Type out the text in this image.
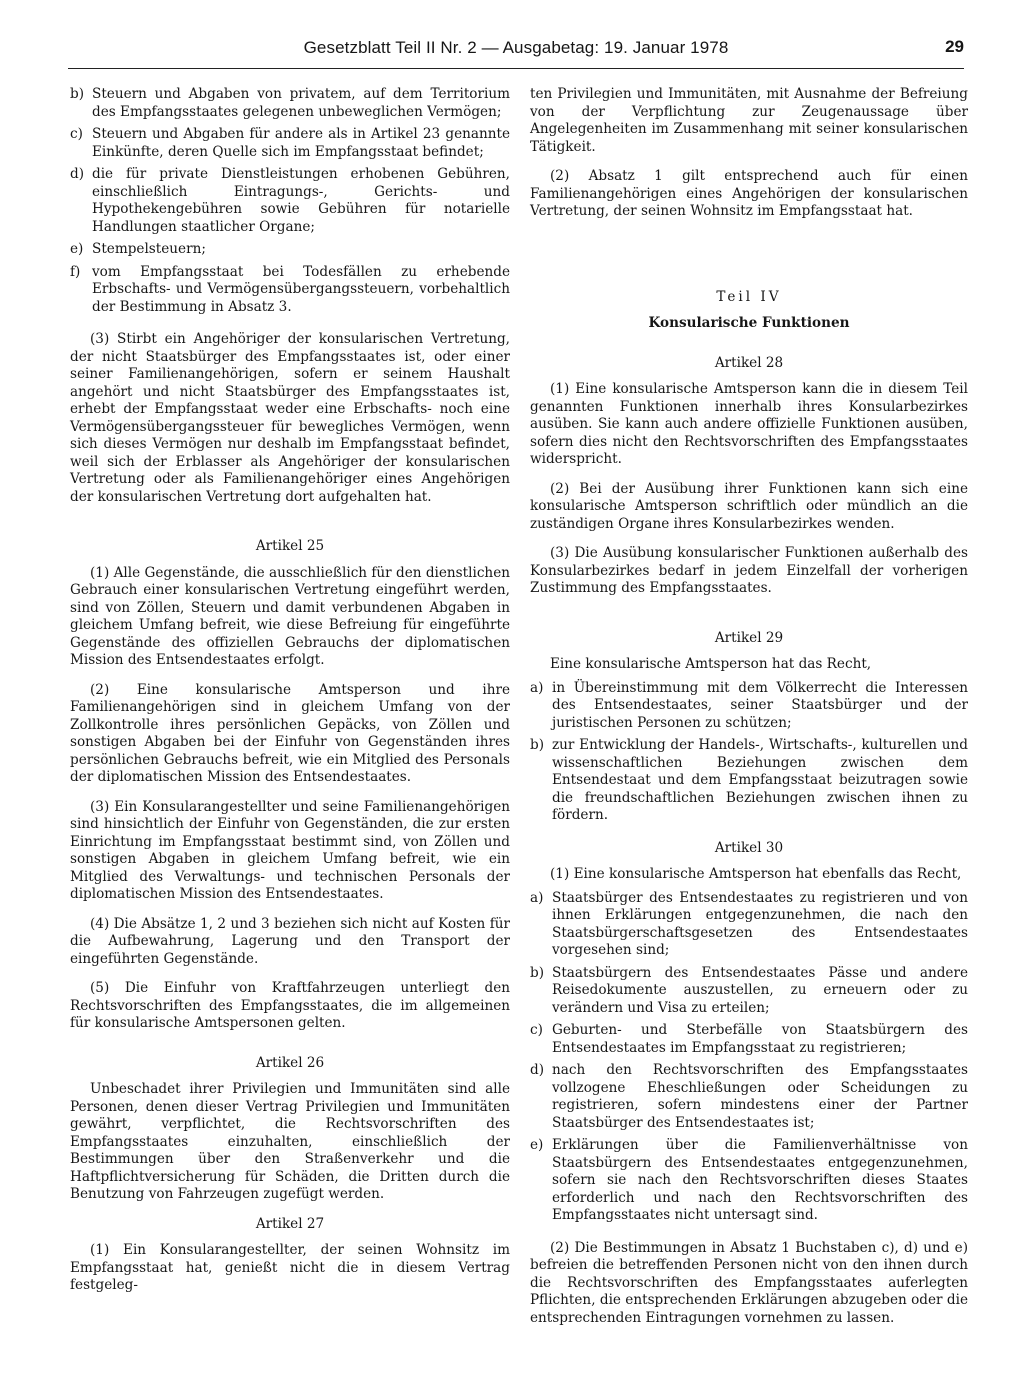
Gesetzblatt Teil II Nr. 2 — Ausgabetag: 19. Januar 1978	29
b) Steuern und Abgaben von privatem, auf dem Territorium des Empfangsstaates gelegenen unbeweglichen Vermögen;
c) Steuern und Abgaben für andere als in Artikel 23 genannte Einkünfte, deren Quelle sich im Empfangsstaat befindet;
d) die für private Dienstleistungen erhobenen Gebühren, einschließlich Eintragungs-, Gerichts- und Hypothekengebühren sowie Gebühren für notarielle Handlungen staatlicher Organe;
e) Stempelsteuern;
f) vom Empfangsstaat bei Todesfällen zu erhebende Erbschafts- und Vermögensübergangssteuern, vorbehaltlich der Bestimmung in Absatz 3.

(3) Stirbt ein Angehöriger der konsularischen Vertretung, der nicht Staatsbürger des Empfangsstaates ist, oder einer seiner Familienangehörigen, sofern er seinem Haushalt angehört und nicht Staatsbürger des Empfangsstaates ist, erhebt der Empfangsstaat weder eine Erbschafts- noch eine Vermögensübergangssteuer für bewegliches Vermögen, wenn sich dieses Vermögen nur deshalb im Empfangsstaat befindet, weil sich der Erblasser als Angehöriger der konsularischen Vertretung oder als Familienangehöriger eines Angehörigen der konsularischen Vertretung dort aufgehalten hat.

Artikel 25

(1) Alle Gegenstände, die ausschließlich für den dienstlichen Gebrauch einer konsularischen Vertretung eingeführt werden, sind von Zöllen, Steuern und damit verbundenen Abgaben in gleichem Umfang befreit, wie diese Befreiung für eingeführte Gegenstände des offiziellen Gebrauchs der diplomatischen Mission des Entsendestaates erfolgt.

(2) Eine konsularische Amtsperson und ihre Familienangehörigen sind in gleichem Umfang von der Zollkontrolle ihres persönlichen Gepäcks, von Zöllen und sonstigen Abgaben bei der Einfuhr von Gegenständen ihres persönlichen Gebrauchs befreit, wie ein Mitglied des Personals der diplomatischen Mission des Entsendestaates.

(3) Ein Konsularangestellter und seine Familienangehörigen sind hinsichtlich der Einfuhr von Gegenständen, die zur ersten Einrichtung im Empfangsstaat bestimmt sind, von Zöllen und sonstigen Abgaben in gleichem Umfang befreit, wie ein Mitglied des Verwaltungs- und technischen Personals der diplomatischen Mission des Entsendestaates.

(4) Die Absätze 1, 2 und 3 beziehen sich nicht auf Kosten für die Aufbewahrung, Lagerung und den Transport der eingeführten Gegenstände.

(5) Die Einfuhr von Kraftfahrzeugen unterliegt den Rechtsvorschriften des Empfangsstaates, die im allgemeinen für konsularische Amtspersonen gelten.

Artikel 26

Unbeschadet ihrer Privilegien und Immunitäten sind alle Personen, denen dieser Vertrag Privilegien und Immunitäten gewährt, verpflichtet, die Rechtsvorschriften des Empfangsstaates einzuhalten, einschließlich der Bestimmungen über den Straßenverkehr und die Haftpflichtversicherung für Schäden, die Dritten durch die Benutzung von Fahrzeugen zugefügt werden.

Artikel 27

(1) Ein Konsularangestellter, der seinen Wohnsitz im Empfangsstaat hat, genießt nicht die in diesem Vertrag festgeleg-

ten Privilegien und Immunitäten, mit Ausnahme der Befreiung von der Verpflichtung zur Zeugenaussage über Angelegenheiten im Zusammenhang mit seiner konsularischen Tätigkeit.

(2) Absatz 1 gilt entsprechend auch für einen Familienangehörigen eines Angehörigen der konsularischen Vertretung, der seinen Wohnsitz im Empfangsstaat hat.

Teil IV
Konsularische Funktionen
Artikel 28

(1) Eine konsularische Amtsperson kann die in diesem Teil genannten Funktionen innerhalb ihres Konsularbezirkes ausüben. Sie kann auch andere offizielle Funktionen ausüben, sofern dies nicht den Rechtsvorschriften des Empfangsstaates widerspricht.

(2) Bei der Ausübung ihrer Funktionen kann sich eine konsularische Amtsperson schriftlich oder mündlich an die zuständigen Organe ihres Konsularbezirkes wenden.

(3) Die Ausübung konsularischer Funktionen außerhalb des Konsularbezirkes bedarf in jedem Einzelfall der vorherigen Zustimmung des Empfangsstaates.

Artikel 29

Eine konsularische Amtsperson hat das Recht,

a) in Übereinstimmung mit dem Völkerrecht die Interessen des Entsendestaates, seiner Staatsbürger und der juristischen Personen zu schützen;
b) zur Entwicklung der Handels-, Wirtschafts-, kulturellen und wissenschaftlichen Beziehungen zwischen dem Entsendestaat und dem Empfangsstaat beizutragen sowie die freundschaftlichen Beziehungen zwischen ihnen zu fördern.
Artikel 30

(1) Eine konsularische Amtsperson hat ebenfalls das Recht,

a) Staatsbürger des Entsendestaates zu registrieren und von ihnen Erklärungen entgegenzunehmen, die nach den Staatsbürgerschaftsgesetzen des Entsendestaates vorgesehen sind;
b) Staatsbürgern des Entsendestaates Pässe und andere Reisedokumente auszustellen, zu erneuern oder zu verändern und Visa zu erteilen;
c) Geburten- und Sterbefälle von Staatsbürgern des Entsendestaates im Empfangsstaat zu registrieren;
d) nach den Rechtsvorschriften des Empfangsstaates vollzogene Eheschließungen oder Scheidungen zu registrieren, sofern mindestens einer der Partner Staatsbürger des Entsendestaates ist;
e) Erklärungen über die Familienverhältnisse von Staatsbürgern des Entsendestaates entgegenzunehmen, sofern sie nach den Rechtsvorschriften dieses Staates erforderlich und nach den Rechtsvorschriften des Empfangsstaates nicht untersagt sind.

(2) Die Bestimmungen in Absatz 1 Buchstaben c), d) und e) befreien die betreffenden Personen nicht von den ihnen durch die Rechtsvorschriften des Empfangsstaates auferlegten Pflichten, die entsprechenden Erklärungen abzugeben oder die entsprechenden Eintragungen vornehmen zu lassen.
